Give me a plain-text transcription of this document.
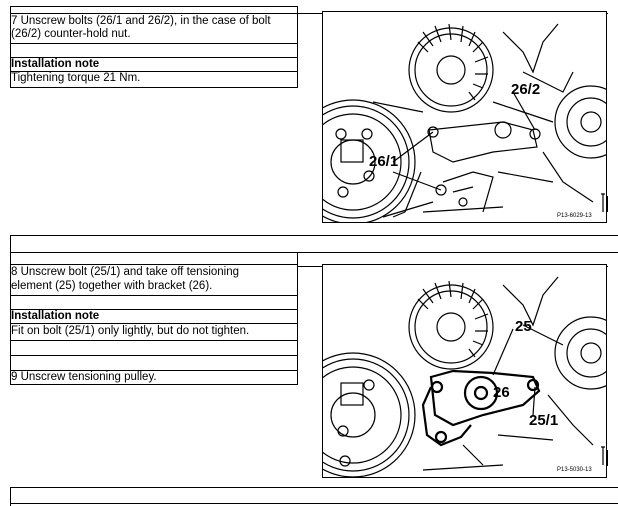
7 Unscrew bolts (26/1 and 26/2), in the case of bolt
(26/2) counter-hold nut.
Installation note
Tightening torque 21 Nm.
26/2
26/1
P13-6029-13
8 Unscrew bolt (25/1) and take off tensioning
element (25) together with bracket (26).
Installation note
Fit on bolt (25/1) only lightly, but do not tighten.
9 Unscrew tensioning pulley.
25
26
25/1
P13-5030-13
